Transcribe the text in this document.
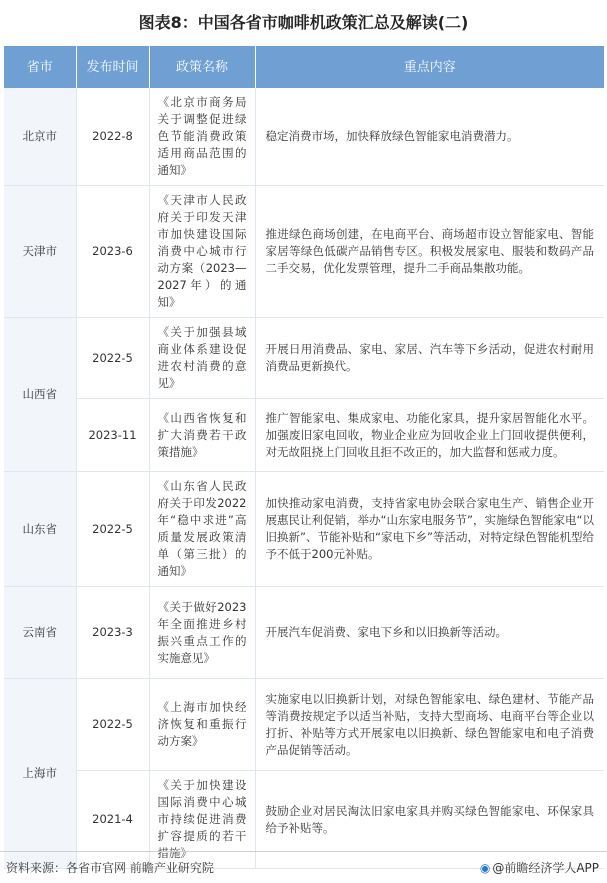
图表8：中国各省市咖啡机政策汇总及解读(二)
省市	发布时间	政策名称	重点内容
北京市	2022-8	《北京市商务局关于调整促进绿色节能消费政策适用商品范围的通知》	稳定消费市场，加快释放绿色智能家电消费潜力。
天津市	2023-6	《天津市人民政府关于印发天津市加快建设国际消费中心城市行动方案（2023—2027年）的通知》	推进绿色商场创建，在电商平台、商场超市设立智能家电、智能家居等绿色低碳产品销售专区。积极发展家电、服装和数码产品二手交易，优化发票管理，提升二手商品集散功能。
山西省	2022-5	《关于加强县域商业体系建设促进农村消费的意见》	开展日用消费品、家电、家居、汽车等下乡活动，促进农村耐用消费品更新换代。
	2023-11	《山西省恢复和扩大消费若干政策措施》	推广智能家电、集成家电、功能化家具，提升家居智能化水平。加强废旧家电回收，物业企业应为回收企业上门回收提供便利，对无故阻挠上门回收且拒不改正的，加大监督和惩戒力度。
山东省	2022-5	《山东省人民政府关于印发2022年“稳中求进”高质量发展政策清单（第三批）的通知》	加快推动家电消费，支持省家电协会联合家电生产、销售企业开展惠民让利促销，举办“山东家电服务节”，实施绿色智能家电“以旧换新”、节能补贴和“家电下乡”等活动，对特定绿色智能机型给予不低于200元补贴。
云南省	2023-3	《关于做好2023年全面推进乡村振兴重点工作的实施意见》	开展汽车促消费、家电下乡和以旧换新等活动。
上海市	2022-5	《上海市加快经济恢复和重振行动方案》	实施家电以旧换新计划，对绿色智能家电、绿色建材、节能产品等消费按规定予以适当补贴，支持大型商场、电商平台等企业以打折、补贴等方式开展家电以旧换新、绿色智能家电和电子消费产品促销等活动。
	2021-4	《关于加快建设国际消费中心城市持续促进消费扩容提质的若干措施》	鼓励企业对居民淘汰旧家电家具并购买绿色智能家电、环保家具给予补贴等。
资料来源：各省市官网 前瞻产业研究院	◉ @前瞻经济学人APP
